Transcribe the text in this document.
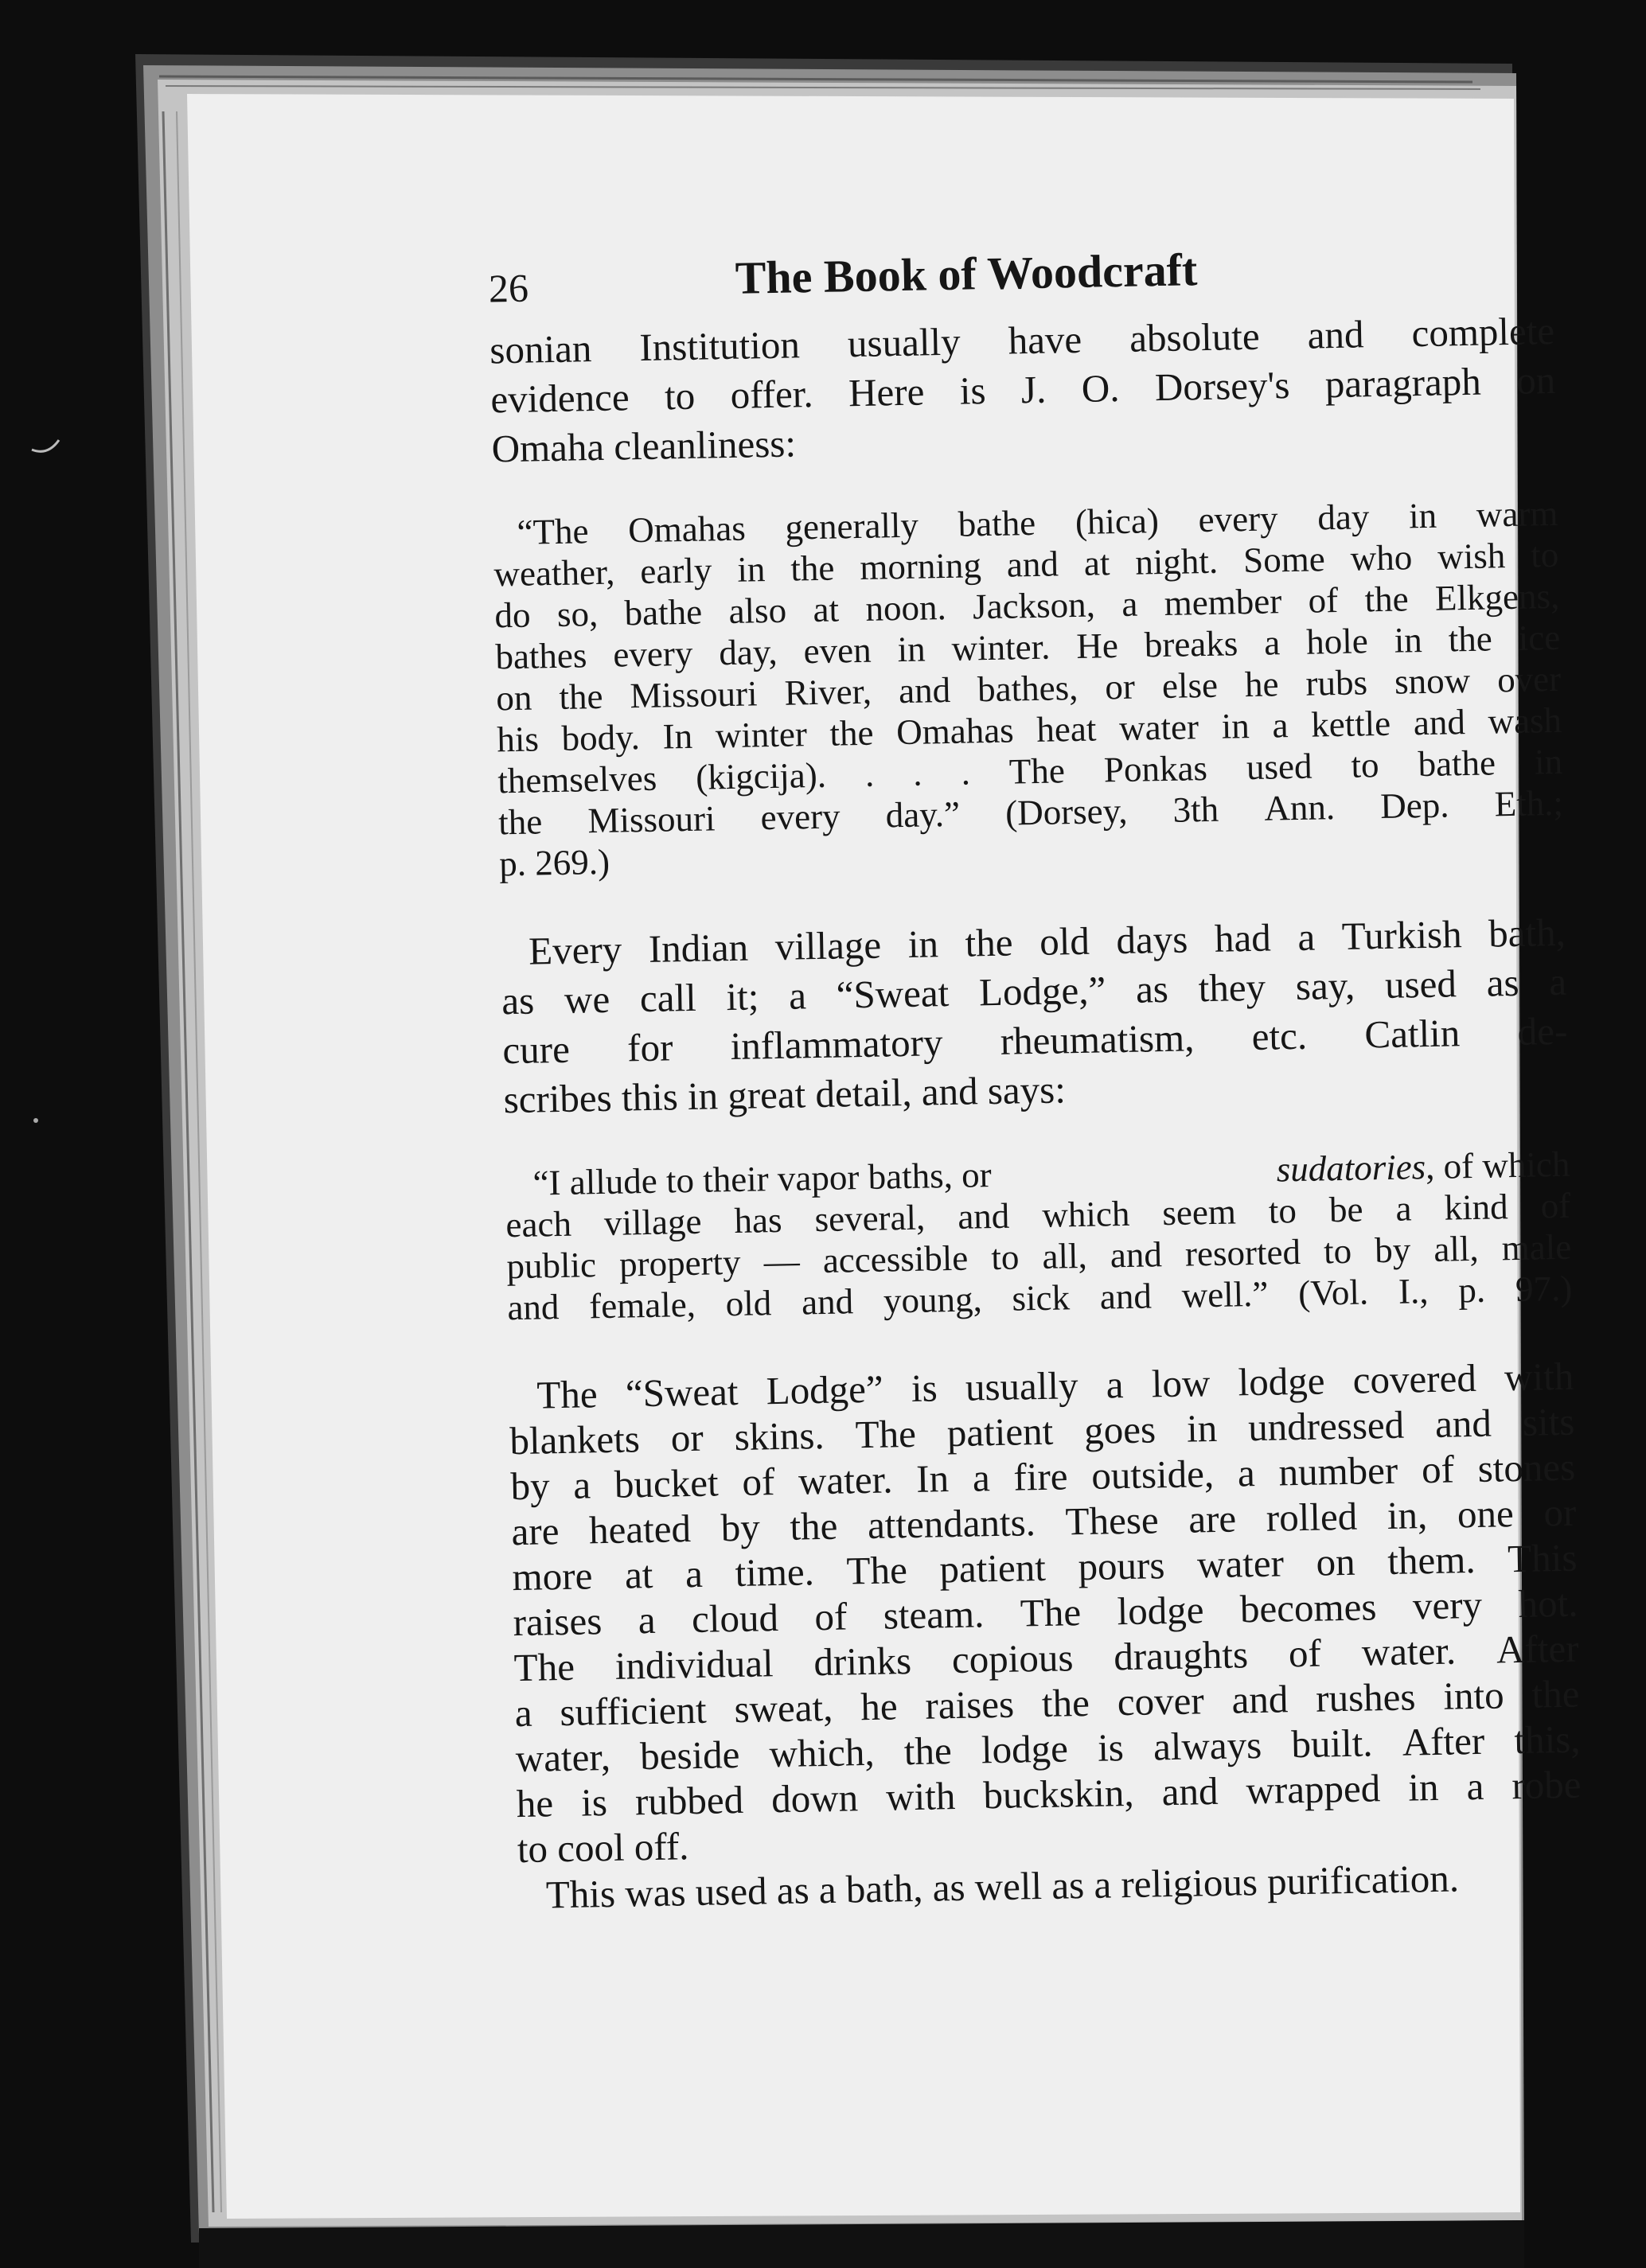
26	The Book of Woodcraft
sonian Institution usually have absolute and complete
evidence to offer. Here is J. O. Dorsey's paragraph on
Omaha cleanliness:
“The Omahas generally bathe (hica) every day in warm
weather, early in the morning and at night. Some who wish to
do so, bathe also at noon. Jackson, a member of the Elkgens,
bathes every day, even in winter. He breaks a hole in the ice
on the Missouri River, and bathes, or else he rubs snow over
his body. In winter the Omahas heat water in a kettle and wash
themselves (kigcija). . . . The Ponkas used to bathe in
the Missouri every day.” (Dorsey, 3th Ann. Dep. Eth.;
p. 269.)
Every Indian village in the old days had a Turkish bath,
as we call it; a “Sweat Lodge,” as they say, used as a
cure for inflammatory rheumatism, etc. Catlin de-
scribes this in great detail, and says:
“I allude to their vapor baths, or	sudatories, of which
each village has several, and which seem to be a kind of
public property — accessible to all, and resorted to by all, male
and female, old and young, sick and well.” (Vol. I., p. 97.)
The “Sweat Lodge” is usually a low lodge covered with
blankets or skins. The patient goes in undressed and sits
by a bucket of water. In a fire outside, a number of stones
are heated by the attendants. These are rolled in, one or
more at a time. The patient pours water on them. This
raises a cloud of steam. The lodge becomes very hot.
The individual drinks copious draughts of water. After
a sufficient sweat, he raises the cover and rushes into the
water, beside which, the lodge is always built. After this,
he is rubbed down with buckskin, and wrapped in a robe
to cool off.
This was used as a bath, as well as a religious purification.
